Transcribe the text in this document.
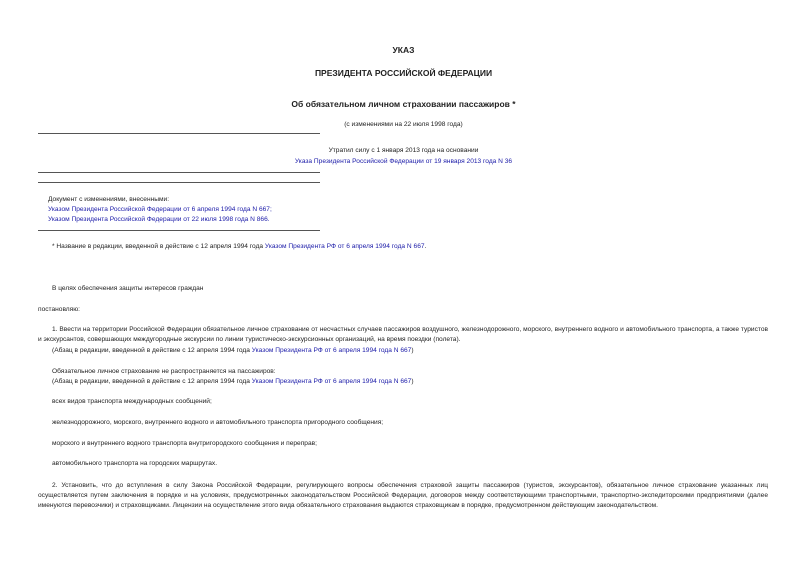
УКАЗ
ПРЕЗИДЕНТА РОССИЙСКОЙ ФЕДЕРАЦИИ
Об обязательном личном страховании пассажиров *
(с изменениями на 22 июля 1998 года)
Утратил силу с 1 января 2013 года на основании
Указа Президента Российской Федерации от 19 января 2013 года N 36
Документ с изменениями, внесенными:
Указом Президента Российской Федерации от 6 апреля 1994 года N 667;
Указом Президента Российской Федерации от 22 июля 1998 года N 866.
* Название в редакции, введенной в действие с 12 апреля 1994 года Указом Президента РФ от 6 апреля 1994 года N 667.
В целях обеспечения защиты интересов граждан
постановляю:

1. Ввести на территории Российской Федерации обязательное личное страхование от несчастных случаев пассажиров воздушного, железнодорожного, морского, внутреннего водного и автомобильного транспорта, а также туристов и экскурсантов, совершающих междугородные экскурсии по линии туристическо-экскурсионных организаций, на время поездки (полета).

(Абзац в редакции, введенной в действие с 12 апреля 1994 года Указом Президента РФ от 6 апреля 1994 года N 667)
Обязательное личное страхование не распространяется на пассажиров:
(Абзац в редакции, введенной в действие с 12 апреля 1994 года Указом Президента РФ от 6 апреля 1994 года N 667)
всех видов транспорта международных сообщений;
железнодорожного, морского, внутреннего водного и автомобильного транспорта пригородного сообщения;
морского и внутреннего водного транспорта внутригородского сообщения и переправ;
автомобильного транспорта на городских маршрутах.

2. Установить, что до вступления в силу Закона Российской Федерации, регулирующего вопросы обеспечения страховой защиты пассажиров (туристов, экскурсантов), обязательное личное страхование указанных лиц осуществляется путем заключения в порядке и на условиях, предусмотренных законодательством Российской Федерации, договоров между соответствующими транспортными, транспортно-экспедиторскими предприятиями (далее именуются перевозчики) и страховщиками. Лицензии на осуществление этого вида обязательного страхования выдаются страховщикам в порядке, предусмотренном действующим законодательством.
